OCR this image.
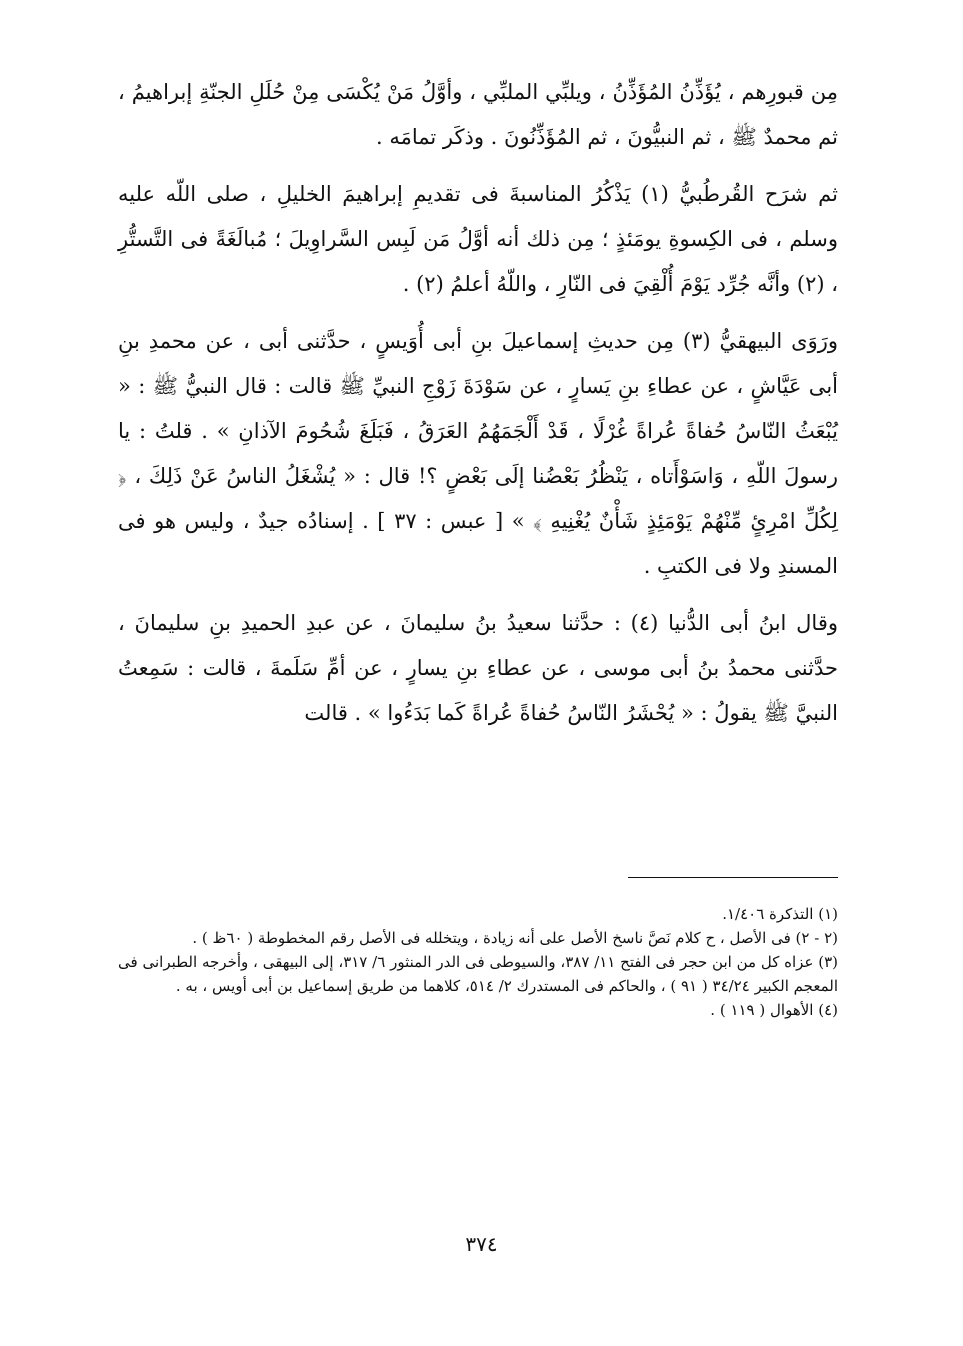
مِن قبورِهم ، يُؤَذِّنُ المُؤَذِّنُ ، ويلبِّي الملبِّي ، وأوَّلُ مَنْ يُكْسَى مِنْ حُلَلِ الجنّةِ إبراهيمُ ، ثم محمدٌ ﷺ ، ثم النبيُّونَ ، ثم المُؤَذِّنُونَ . وذكَر تمامَه .

ثم شرَح القُرطُبيُّ (١) يَذْكُرُ المناسبةَ فى تقديمِ إبراهيمَ الخليلِ ، صلى اللّه عليه وسلم ، فى الكِسوةِ يومَئذٍ ؛ مِن ذلك أنه أوَّلُ مَن لَبِس السَّراوِيلَ ؛ مُبالَغَةً فى التَّستُّرِ ، (٢) وأنَّه جُرِّد يَوْمَ أُلْقِيَ فى النّارِ ، واللّهُ أعلمُ (٢) .

ورَوَى البيهقيُّ (٣) مِن حديثِ إسماعيلَ بنِ أبى أُوَيسٍ ، حدَّثنى أبى ، عن محمدِ بنِ أبى عَيَّاشٍ ، عن عطاءِ بنِ يَسارٍ ، عن سَوْدَةَ زَوْجِ النبيِّ ﷺ قالت : قال النبيُّ ﷺ : « يُبْعَثُ النّاسُ حُفاةً عُراةً غُرْلًا ، قَدْ أَلْجَمَهُمُ العَرَقُ ، فَبَلَغَ شُحُومَ الآذانِ » . قلتُ : يا رسولَ اللّهِ ، وَاسَوْأَتاه ، يَنْظُرُ بَعْضُنا إلَى بَعْضٍ ؟! قال : « يُشْغَلُ الناسُ عَنْ ذَلِكَ ، ﴿ لِكُلِّ امْرِئٍ مِّنْهُمْ يَوْمَئِذٍ شَأْنٌ يُغْنِيهِ ﴾ » [ عبس : ٣٧ ] . إسنادُه جيدٌ ، وليس هو فى المسندِ ولا فى الكتبِ .

وقال ابنُ أبى الدُّنيا (٤) : حدَّثنا سعيدُ بنُ سليمانَ ، عن عبدِ الحميدِ بنِ سليمانَ ، حدَّثنى محمدُ بنُ أبى موسى ، عن عطاءِ بنِ يسارٍ ، عن أمِّ سَلَمةَ ، قالت : سَمِعتُ النبيَّ ﷺ يقولُ : « يُحْشَرُ النّاسُ حُفاةً عُراةً كَما بَدَءُوا » . قالت

(١) التذكرة ١/٤٠٦.

(٢ - ٢) فى الأصل ، ح كلام نَصَّ ناسخ الأصل على أنه زيادة ، ويتخلله فى الأصل رقم المخطوطة ( ٦٠ظ ) .

(٣) عزاه كل من ابن حجر فى الفتح ١١/ ٣٨٧، والسيوطى فى الدر المنثور ٦/ ٣١٧، إلى البيهقى ، وأخرجه الطبرانى فى المعجم الكبير ٣٤/٢٤ ( ٩١ ) ، والحاكم فى المستدرك ٢/ ٥١٤، كلاهما من طريق إسماعيل بن أبى أويس ، به .

(٤) الأهوال ( ١١٩ ) .

٣٧٤
